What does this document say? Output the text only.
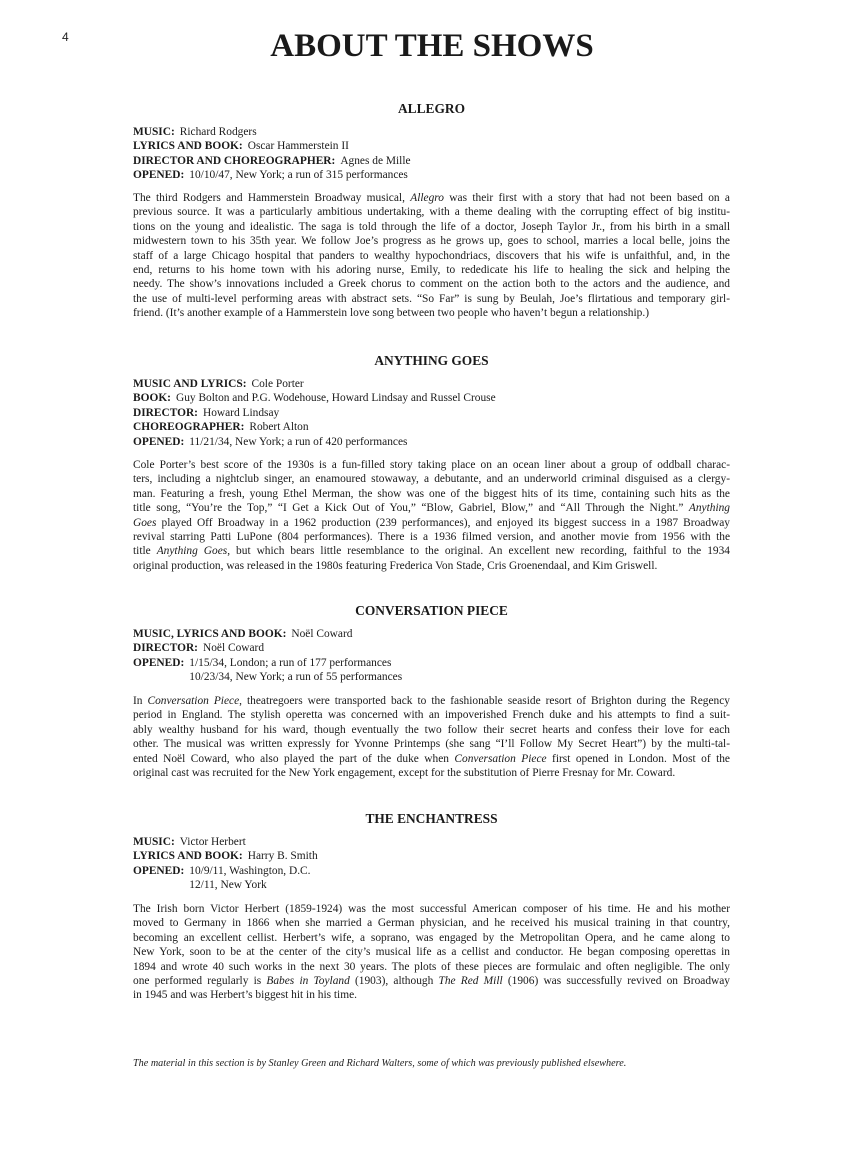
4	ABOUT THE SHOWS
ALLEGRO
MUSIC: Richard Rodgers
LYRICS AND BOOK: Oscar Hammerstein II
DIRECTOR AND CHOREOGRAPHER: Agnes de Mille
OPENED: 10/10/47, New York; a run of 315 performances

The third Rodgers and Hammerstein Broadway musical, Allegro was their first with a story that had not been based on a
previous source. It was a particularly ambitious undertaking, with a theme dealing with the corrupting effect of big institu-
tions on the young and idealistic. The saga is told through the life of a doctor, Joseph Taylor Jr., from his birth in a small
midwestern town to his 35th year. We follow Joe’s progress as he grows up, goes to school, marries a local belle, joins the
staff of a large Chicago hospital that panders to wealthy hypochondriacs, discovers that his wife is unfaithful, and, in the
end, returns to his home town with his adoring nurse, Emily, to rededicate his life to healing the sick and helping the
needy. The show’s innovations included a Greek chorus to comment on the action both to the actors and the audience, and
the use of multi-level performing areas with abstract sets. “So Far” is sung by Beulah, Joe’s flirtatious and temporary girl-
friend. (It’s another example of a Hammerstein love song between two people who haven’t begun a relationship.)

ANYTHING GOES
MUSIC AND LYRICS: Cole Porter
BOOK: Guy Bolton and P.G. Wodehouse, Howard Lindsay and Russel Crouse
DIRECTOR: Howard Lindsay
CHOREOGRAPHER: Robert Alton
OPENED: 11/21/34, New York; a run of 420 performances

Cole Porter’s best score of the 1930s is a fun-filled story taking place on an ocean liner about a group of oddball charac-
ters, including a nightclub singer, an enamoured stowaway, a debutante, and an underworld criminal disguised as a clergy-
man. Featuring a fresh, young Ethel Merman, the show was one of the biggest hits of its time, containing such hits as the
title song, “You’re the Top,” “I Get a Kick Out of You,” “Blow, Gabriel, Blow,” and “All Through the Night.” Anything
Goes played Off Broadway in a 1962 production (239 performances), and enjoyed its biggest success in a 1987 Broadway
revival starring Patti LuPone (804 performances). There is a 1936 filmed version, and another movie from 1956 with the
title Anything Goes, but which bears little resemblance to the original. An excellent new recording, faithful to the 1934
original production, was released in the 1980s featuring Frederica Von Stade, Cris Groenendaal, and Kim Griswell.

CONVERSATION PIECE
MUSIC, LYRICS AND BOOK: Noël Coward
DIRECTOR: Noël Coward
OPENED: 1/15/34, London; a run of 177 performances
10/23/34, New York; a run of 55 performances

In Conversation Piece, theatregoers were transported back to the fashionable seaside resort of Brighton during the Regency
period in England. The stylish operetta was concerned with an impoverished French duke and his attempts to find a suit-
ably wealthy husband for his ward, though eventually the two follow their secret hearts and confess their love for each
other. The musical was written expressly for Yvonne Printemps (she sang “I’ll Follow My Secret Heart”) by the multi-tal-
ented Noël Coward, who also played the part of the duke when Conversation Piece first opened in London. Most of the
original cast was recruited for the New York engagement, except for the substitution of Pierre Fresnay for Mr. Coward.

THE ENCHANTRESS
MUSIC: Victor Herbert
LYRICS AND BOOK: Harry B. Smith
OPENED: 10/9/11, Washington, D.C.
12/11, New York

The Irish born Victor Herbert (1859-1924) was the most successful American composer of his time. He and his mother
moved to Germany in 1866 when she married a German physician, and he received his musical training in that country,
becoming an excellent cellist. Herbert’s wife, a soprano, was engaged by the Metropolitan Opera, and he came along to
New York, soon to be at the center of the city’s musical life as a cellist and conductor. He began composing operettas in
1894 and wrote 40 such works in the next 30 years. The plots of these pieces are formulaic and often negligible. The only
one performed regularly is Babes in Toyland (1903), although The Red Mill (1906) was successfully revived on Broadway
in 1945 and was Herbert’s biggest hit in his time.

The material in this section is by Stanley Green and Richard Walters, some of which was previously published elsewhere.
